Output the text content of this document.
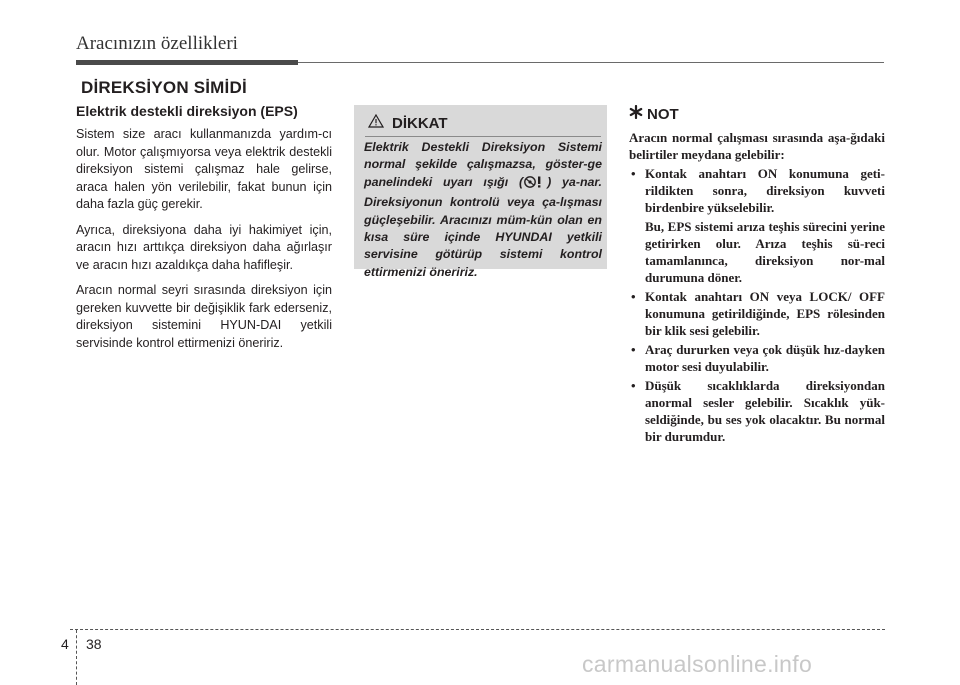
Aracınızın özellikleri
DİREKSİYON SİMİDİ
Elektrik destekli direksiyon (EPS)

Sistem size aracı kullanmanızda yardım-cı olur. Motor çalışmıyorsa veya elektrik destekli direksiyon sistemi çalışmaz hale gelirse, araca halen yön verilebilir, fakat bunun için daha fazla güç gerekir.

Ayrıca, direksiyona daha iyi hakimiyet için, aracın hızı arttıkça direksiyon daha ağırlaşır ve aracın hızı azaldıkça daha hafifleşir.

Aracın normal seyri sırasında direksiyon için gereken kuvvette bir değişiklik fark ederseniz, direksiyon sistemini HYUN-DAI yetkili servisinde kontrol ettirmenizi öneririz.

DİKKAT
Elektrik Destekli Direksiyon Sistemi normal şekilde çalışmazsa, göster-ge panelindeki uyarı ışığı ( ) ya-nar. Direksiyonun kontrolü veya ça-lışması güçleşebilir. Aracınızı müm-kün olan en kısa süre içinde HYUNDAI yetkili servisine götürüp sistemi kontrol ettirmenizi öneririz.
NOT

Aracın normal çalışması sırasında aşa-ğıdaki belirtiler meydana gelebilir:

• Kontak anahtarı ON konumuna geti-rildikten sonra, direksiyon kuvveti birdenbire yükselebilir.
Bu, EPS sistemi arıza teşhis sürecini yerine getirirken olur. Arıza teşhis sü-reci tamamlanınca, direksiyon nor-mal durumuna döner.
• Kontak anahtarı ON veya LOCK/ OFF konumuna getirildiğinde, EPS rölesinden bir klik sesi gelebilir.
• Araç dururken veya çok düşük hız-dayken motor sesi duyulabilir.
• Düşük sıcaklıklarda direksiyondan anormal sesler gelebilir. Sıcaklık yük-seldiğinde, bu ses yok olacaktır. Bu normal bir durumdur.
4 38
carmanualsonline.info
